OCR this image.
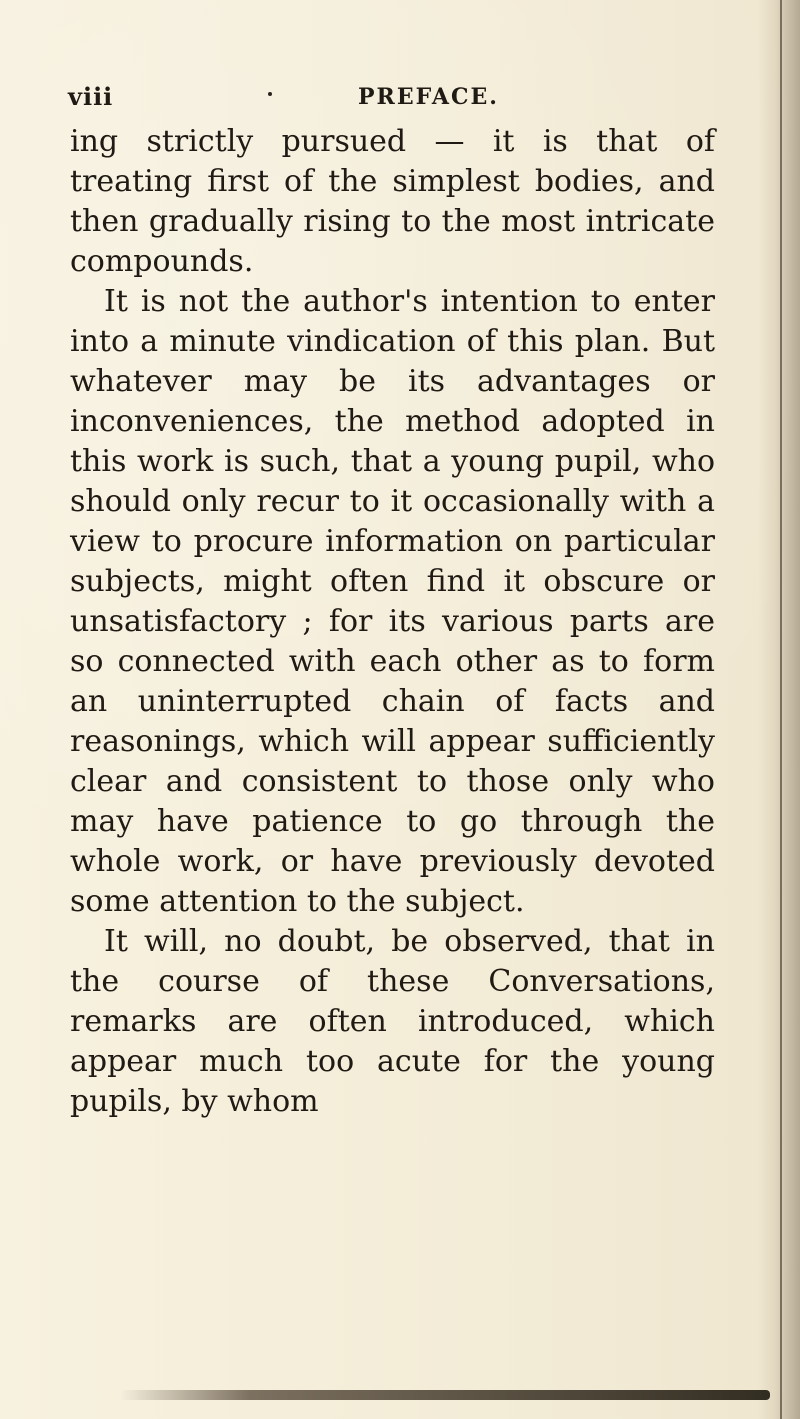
viii	PREFACE.

ing strictly pursued — it is that of treating first of the simplest bodies, and then gradually rising to the most intricate compounds.

It is not the author's intention to enter into a minute vindication of this plan. But whatever may be its advantages or inconveniences, the method adopted in this work is such, that a young pupil, who should only recur to it occasionally with a view to procure information on particular subjects, might often find it obscure or unsatisfactory ; for its various parts are so connected with each other as to form an uninterrupted chain of facts and reasonings, which will appear sufficiently clear and consistent to those only who may have patience to go through the whole work, or have previously devoted some attention to the subject.

It will, no doubt, be observed, that in the course of these Conversations, remarks are often introduced, which appear much too acute for the young pupils, by whom
